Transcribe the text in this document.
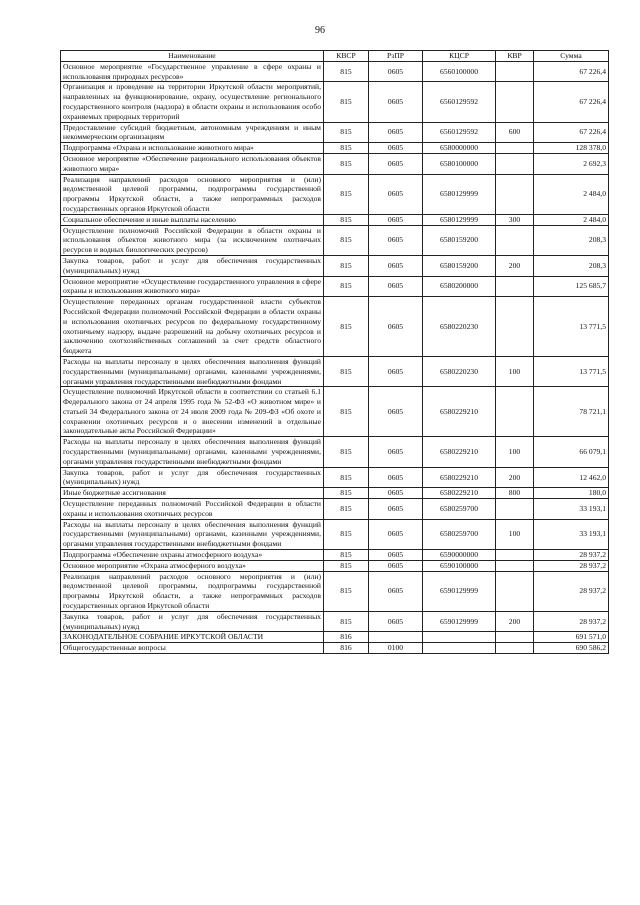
96
Наименование	КВСР	РзПР	КЦСР	КВР	Сумма
Основное мероприятие «Государственное управление в сфере охраны и использования природных ресурсов»	815	0605	6560100000		67 226,4
Организация и проведение на территории Иркутской области мероприятий, направленных на функционирование, охрану, осуществление регионального государственного контроля (надзора) в области охраны и использования особо охраняемых природных территорий	815	0605	6560129592		67 226,4
Предоставление субсидий бюджетным, автономным учреждениям и иным некоммерческим организациям	815	0605	6560129592	600	67 226,4
Подпрограмма «Охрана и использование животного мира»	815	0605	6580000000		128 378,0
Основное мероприятие «Обеспечение рационального использования объектов животного мира»	815	0605	6580100000		2 692,3
Реализация направлений расходов основного мероприятия и (или) ведомственной целевой программы, подпрограммы государственной программы Иркутской области, а также непрограммных расходов государственных органов Иркутской области	815	0605	6580129999		2 484,0
Социальное обеспечение и иные выплаты населению	815	0605	6580129999	300	2 484,0
Осуществление полномочий Российской Федерации в области охраны и использования объектов животного мира (за исключением охотничьих ресурсов и водных биологических ресурсов)	815	0605	6580159200		208,3
Закупка товаров, работ и услуг для обеспечения государственных (муниципальных) нужд	815	0605	6580159200	200	208,3
Основное мероприятие «Осуществление государственного управления в сфере охраны и использования животного мира»	815	0605	6580200000		125 685,7
Осуществление переданных органам государственной власти субъектов Российской Федерации полномочий Российской Федерации в области охраны и использования охотничьих ресурсов по федеральному государственному охотничьему надзору, выдаче разрешений на добычу охотничьих ресурсов и заключению охотхозяйственных соглашений за счет средств областного бюджета	815	0605	6580220230		13 771,5
Расходы на выплаты персоналу в целях обеспечения выполнения функций государственными (муниципальными) органами, казенными учреждениями, органами управления государственными внебюджетными фондами	815	0605	6580220230	100	13 771,5
Осуществление полномочий Иркутской области в соответствии со статьей 6.1 Федерального закона от 24 апреля 1995 года № 52-ФЗ «О животном мире» и статьей 34 Федерального закона от 24 июля 2009 года № 209-ФЗ «Об охоте и сохранении охотничьих ресурсов и о внесении изменений в отдельные законодательные акты Российской Федерации»	815	0605	6580229210		78 721,1
Расходы на выплаты персоналу в целях обеспечения выполнения функций государственными (муниципальными) органами, казенными учреждениями, органами управления государственными внебюджетными фондами	815	0605	6580229210	100	66 079,1
Закупка товаров, работ и услуг для обеспечения государственных (муниципальных) нужд	815	0605	6580229210	200	12 462,0
Иные бюджетные ассигнования	815	0605	6580229210	800	180,0
Осуществление переданных полномочий Российской Федерации в области охраны и использования охотничьих ресурсов	815	0605	6580259700		33 193,1
Расходы на выплаты персоналу в целях обеспечения выполнения функций государственными (муниципальными) органами, казенными учреждениями, органами управления государственными внебюджетными фондами	815	0605	6580259700	100	33 193,1
Подпрограмма «Обеспечение охраны атмосферного воздуха»	815	0605	6590000000		28 937,2
Основное мероприятие «Охрана атмосферного воздуха»	815	0605	6590100000		28 937,2
Реализация направлений расходов основного мероприятия и (или) ведомственной целевой программы, подпрограммы государственной программы Иркутской области, а также непрограммных расходов государственных органов Иркутской области	815	0605	6590129999		28 937,2
Закупка товаров, работ и услуг для обеспечения государственных (муниципальных) нужд	815	0605	6590129999	200	28 937,2
ЗАКОНОДАТЕЛЬНОЕ СОБРАНИЕ ИРКУТСКОЙ ОБЛАСТИ	816				691 571,0
Общегосударственные вопросы	816	0100			690 586,2
